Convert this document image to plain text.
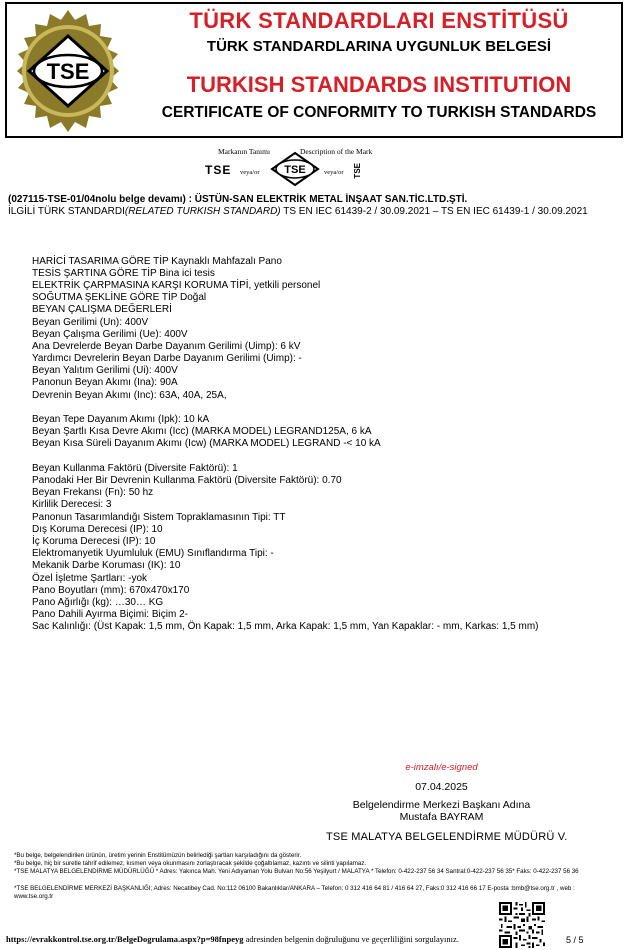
TSE
TÜRK STANDARDLARI ENSTİTÜSÜ
TÜRK STANDARDLARINA UYGUNLUK BELGESİ
TURKISH STANDARDS INSTITUTION
CERTIFICATE OF CONFORMITY TO TURKISH STANDARDS
Markanın Tanımı	Description of the Mark
TSE veya/or TSE	veya/or TSE
(027115-TSE-01/04nolu belge devamı) : ÜSTÜN-SAN ELEKTRİK METAL İNŞAAT SAN.TİC.LTD.ŞTİ.
İLGİLİ TÜRK STANDARDI(RELATED TURKISH STANDARD) TS EN IEC 61439-2 / 30.09.2021 – TS EN IEC 61439-1 / 30.09.2021
HARİCİ TASARIMA GÖRE TİP Kaynaklı Mahfazalı Pano
TESİS ŞARTINA GÖRE TİP Bina ici tesis
ELEKTRİK ÇARPMASINA KARŞI KORUMA TİPİ, yetkili personel
SOĞUTMA ŞEKLİNE GÖRE TİP Doğal
BEYAN ÇALIŞMA DEĞERLERİ
Beyan Gerilimi (Un): 400V
Beyan Çalışma Gerilimi (Ue): 400V
Ana Devrelerde Beyan Darbe Dayanım Gerilimi (Uimp): 6 kV
Yardımcı Devrelerin Beyan Darbe Dayanım Gerilimi (Uimp): -
Beyan Yalıtım Gerilimi (Ui): 400V
Panonun Beyan Akımı (Ina): 90A
Devrenin Beyan Akımı (Inc): 63A, 40A, 25A,
Beyan Tepe Dayanım Akımı (Ipk): 10 kA
Beyan Şartlı Kısa Devre Akımı (Icc) (MARKA MODEL) LEGRAND125A, 6 kA
Beyan Kısa Süreli Dayanım Akımı (Icw) (MARKA MODEL) LEGRAND -< 10 kA
Beyan Kullanma Faktörü (Diversite Faktörü): 1
Panodaki Her Bir Devrenin Kullanma Faktörü (Diversite Faktörü): 0.70
Beyan Frekansı (Fn): 50 hz
Kirlilik Derecesi: 3
Panonun Tasarımlandığı Sistem Topraklamasının Tipi: TT
Dış Koruma Derecesi (IP): 10
İç Koruma Derecesi (IP): 10
Elektromanyetik Uyumluluk (EMU) Sınıflandırma Tipi: -
Mekanik Darbe Koruması (IK): 10
Özel İşletme Şartları: -yok
Pano Boyutları (mm): 670x470x170
Pano Ağırlığı (kg): …30… KG
Pano Dahili Ayırma Biçimi: Biçim 2-
Sac Kalınlığı: (Üst Kapak: 1,5 mm, Ön Kapak: 1,5 mm, Arka Kapak: 1,5 mm, Yan Kapaklar: - mm, Karkas: 1,5 mm)
e-imzalı/e-signed
07.04.2025
Belgelendirme Merkezi Başkanı Adına
Mustafa BAYRAM
TSE MALATYA BELGELENDİRME MÜDÜRÜ V.
*Bu belge, belgelendirilen ürünün, üretim yerinin Enstitümüzün belirlediği şartları karşıladığını da gösterir.
*Bu belge, hiç bir suretle tahrif edilemez, kısmen veya okunmasını zorlaştıracak şekilde çoğaltılamaz, kazıntı ve silinti yapılamaz.
*TSE MALATYA BELGELENDİRME MÜDÜRLÜĞÜ * Adres: Yakınca Mah. Yeni Adıyaman Yolu Bulvarı No:56 Yeşilyurt / MALATYA * Telefon: 0-422-237 56 34 Santral:0-422-237 56 35* Faks: 0-422-237 56 36
*TSE BELGELENDİRME MERKEZİ BAŞKANLIĞI; Adres: Necatibey Cad. No:112 06100 Bakanlıklar/ANKARA – Telefon: 0 312 416 64 81 / 416 64 27, Faks:0 312 416 66 17 E-posta :bmb@tse.org.tr , web : www.tse.org.tr
https://evrakkontrol.tse.org.tr/BelgeDogrulama.aspx?p=98fnpeyg adresinden belgenin doğruluğunu ve geçerliliğini sorgulayınız.	5 / 5
